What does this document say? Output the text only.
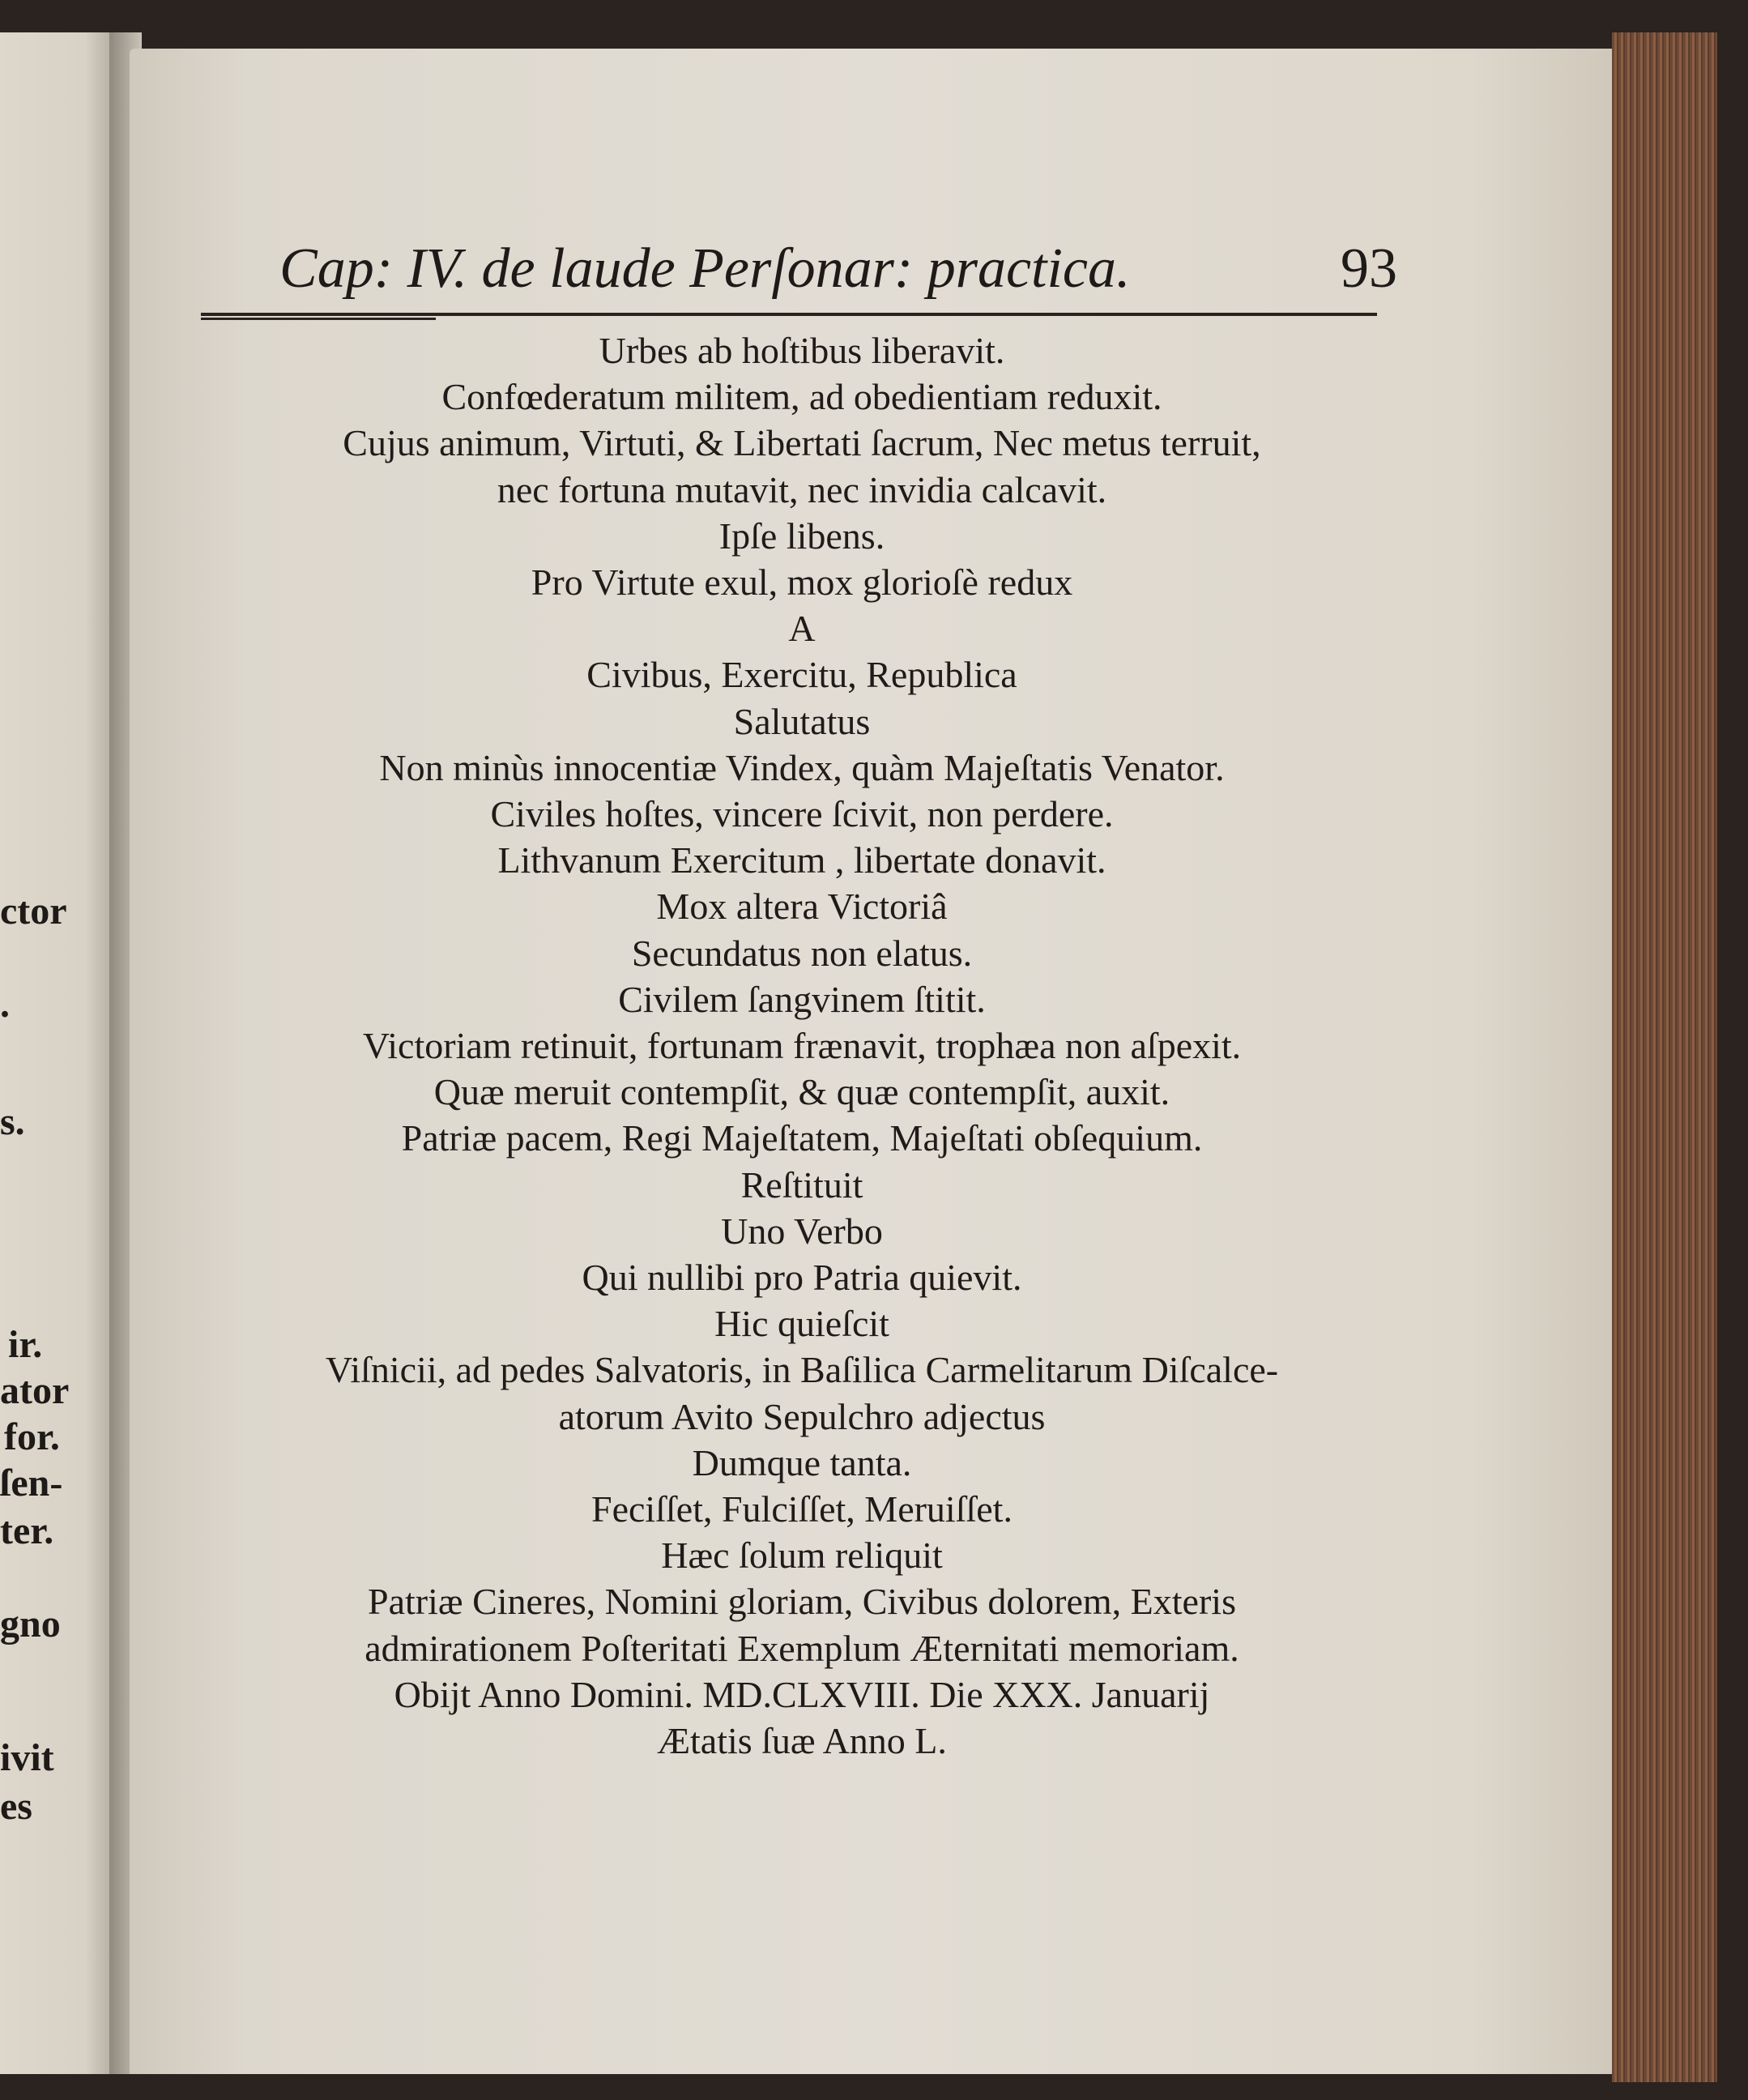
ctor
.
s.
ir.
ator
for.
ſen-
ter.
gno
ivit
es
Cap: IV. de laude Perſonar: practica.	93
Urbes ab hoſtibus liberavit.
Confœderatum militem, ad obedientiam reduxit.
Cujus animum, Virtuti, & Libertati ſacrum, Nec metus terruit,
nec fortuna mutavit, nec invidia calcavit.
Ipſe libens.
Pro Virtute exul, mox glorioſè redux
A
Civibus, Exercitu, Republica
Salutatus
Non minùs innocentiæ Vindex, quàm Majeſtatis Venator.
Civiles hoſtes, vincere ſcivit, non perdere.
Lithvanum Exercitum , libertate donavit.
Mox altera Victoriâ
Secundatus non elatus.
Civilem ſangvinem ſtitit.
Victoriam retinuit, fortunam frænavit, trophæa non aſpexit.
Quæ meruit contempſit, & quæ contempſit, auxit.
Patriæ pacem, Regi Majeſtatem, Majeſtati obſequium.
Reſtituit
Uno Verbo
Qui nullibi pro Patria quievit.
Hic quieſcit
Viſnicii, ad pedes Salvatoris, in Baſilica Carmelitarum Diſcalce-
atorum Avito Sepulchro adjectus
Dumque tanta.
Feciſſet, Fulciſſet, Meruiſſet.
Hæc ſolum reliquit
Patriæ Cineres, Nomini gloriam, Civibus dolorem, Exteris
admirationem Poſteritati Exemplum Æternitati memoriam.
Obijt Anno Domini. MD.CLXVIII. Die XXX. Januarij
Ætatis ſuæ Anno L.
